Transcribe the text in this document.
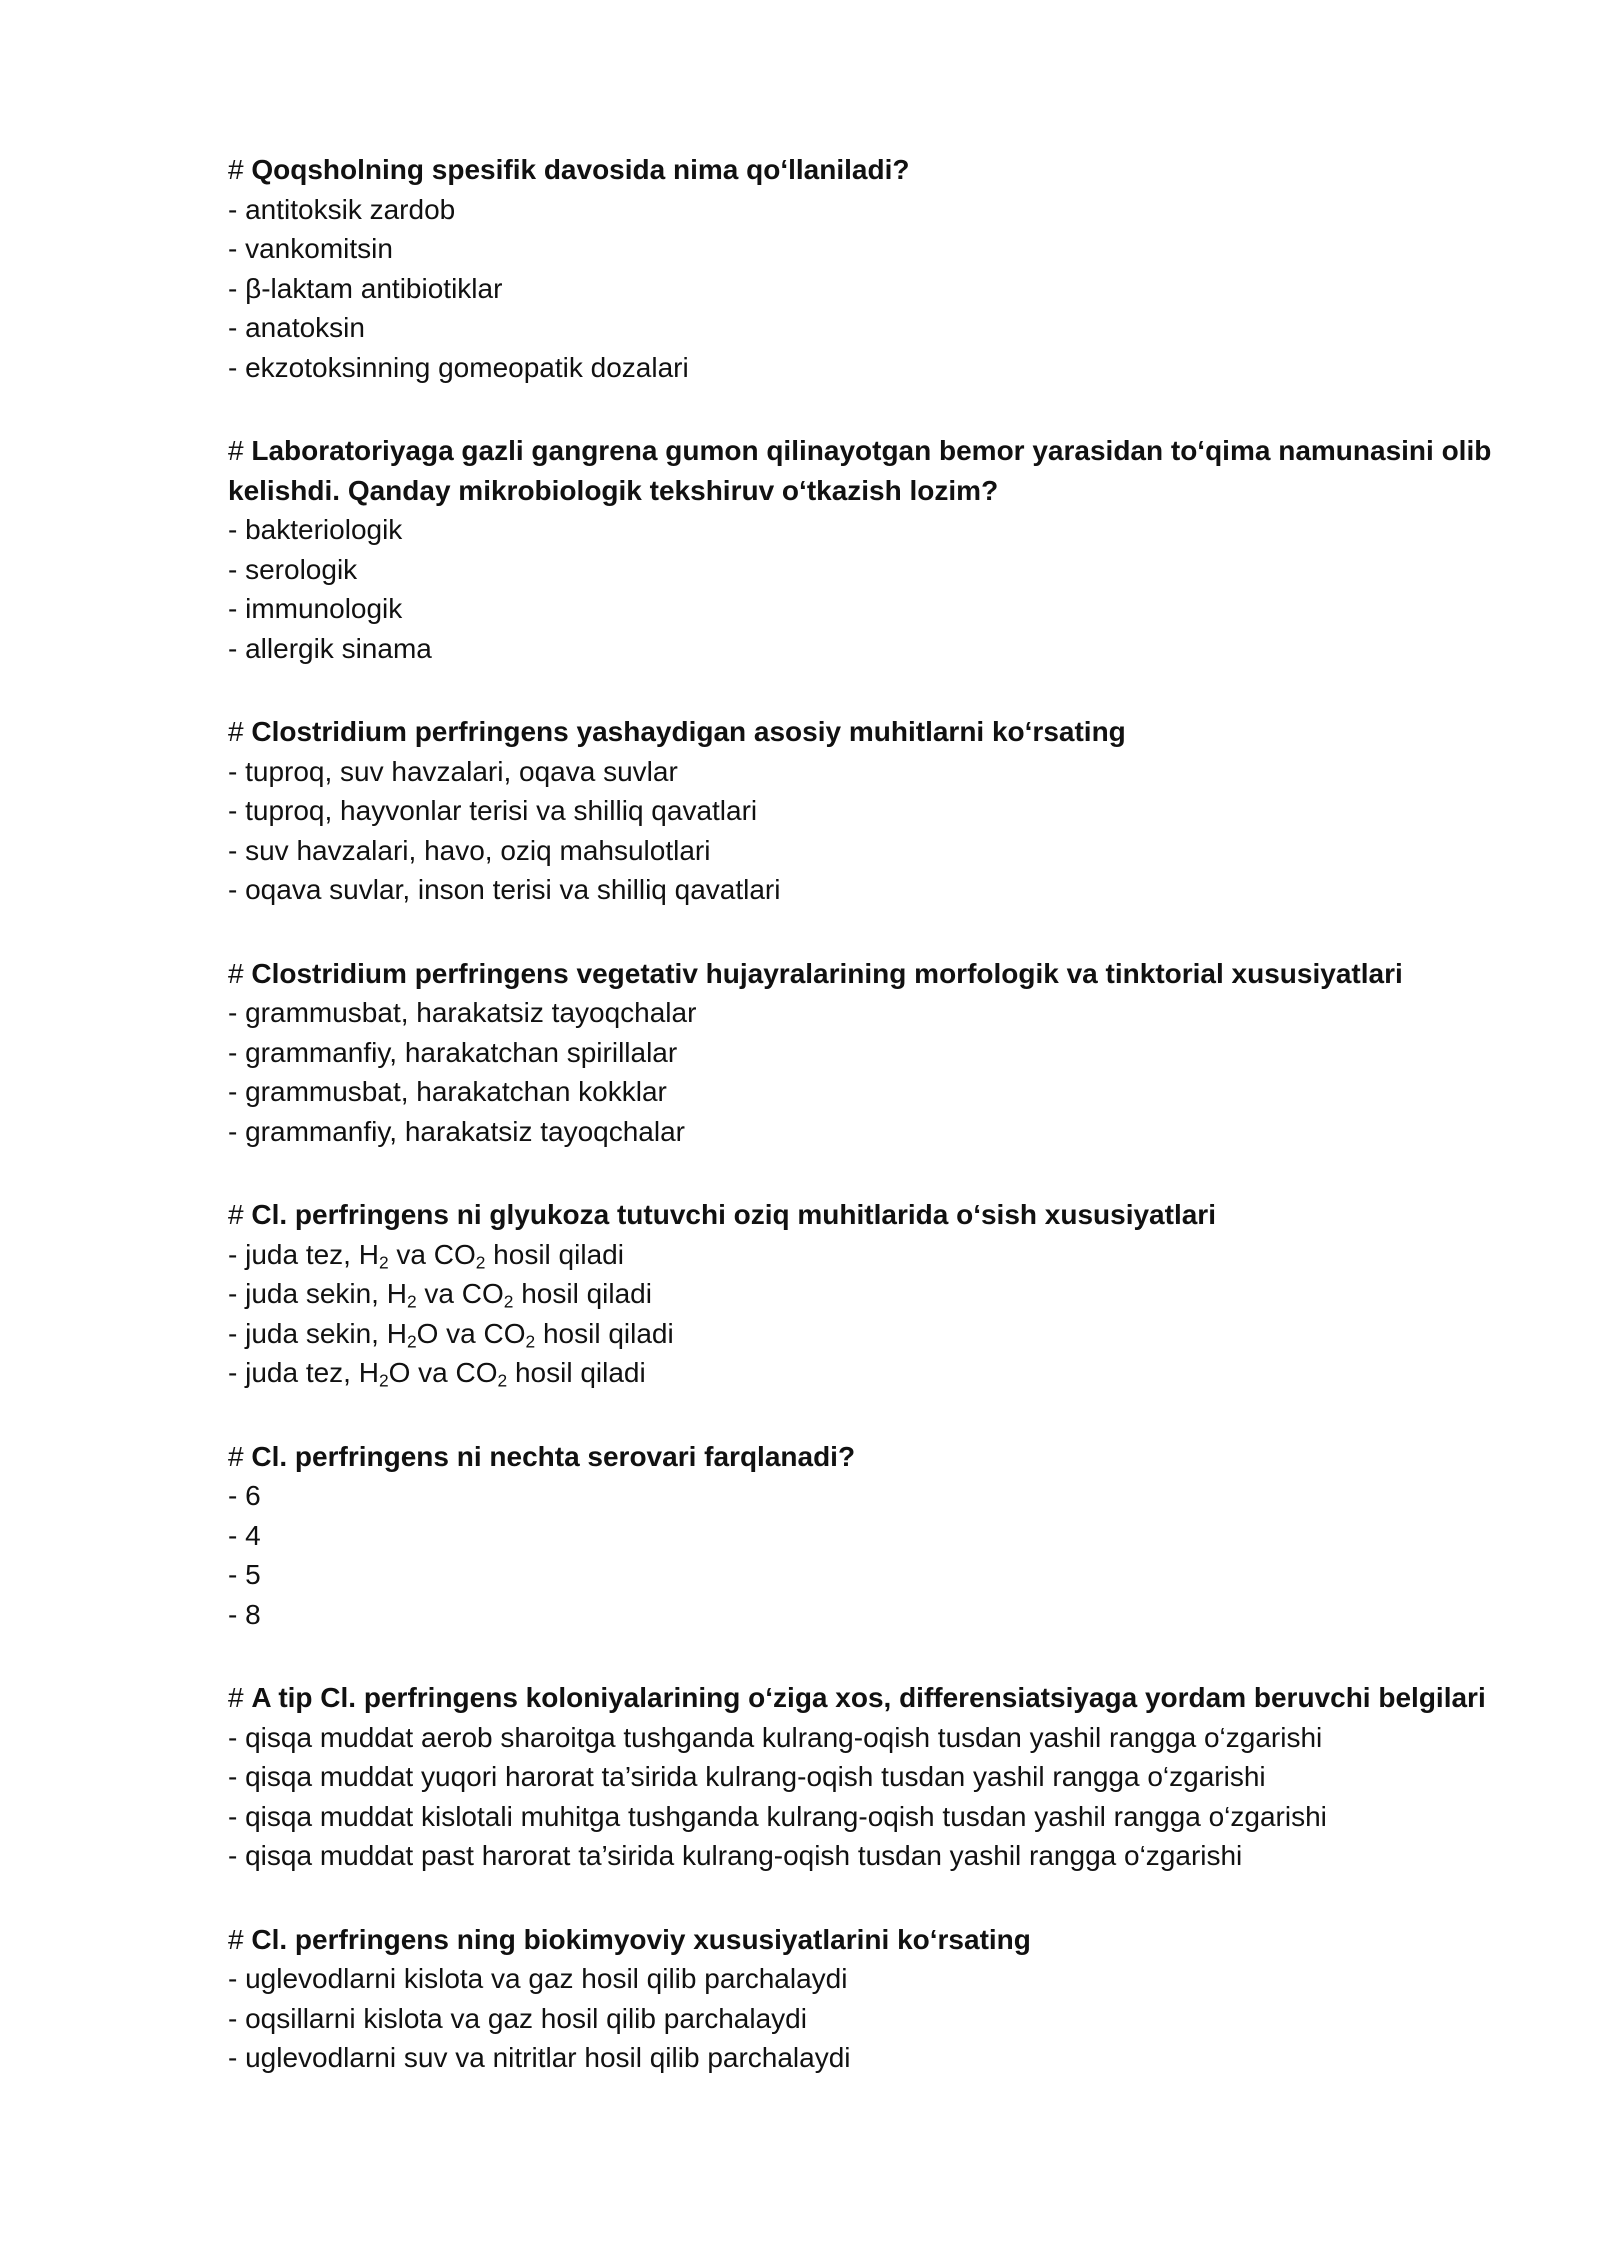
# Qoqsholning spesifik davosida nima qo‘llaniladi?

- antitoksik zardob

- vankomitsin

- β-laktam antibiotiklar

- anatoksin

- ekzotoksinning gomeopatik dozalari

# Laboratoriyaga gazli gangrena gumon qilinayotgan bemor yarasidan to‘qima namunasini olib kelishdi. Qanday mikrobiologik tekshiruv o‘tkazish lozim?

- bakteriologik

- serologik

- immunologik

- allergik sinama

# Clostridium perfringens yashaydigan asosiy muhitlarni ko‘rsating

- tuproq, suv havzalari, oqava suvlar

- tuproq, hayvonlar terisi va shilliq qavatlari

- suv havzalari, havo, oziq mahsulotlari

- oqava suvlar, inson terisi va shilliq qavatlari

# Clostridium perfringens vegetativ hujayralarining morfologik va tinktorial xususiyatlari

- grammusbat, harakatsiz tayoqchalar

- grammanfiy, harakatchan spirillalar

- grammusbat, harakatchan kokklar

- grammanfiy, harakatsiz tayoqchalar

# Cl. perfringens ni glyukoza tutuvchi oziq muhitlarida o‘sish xususiyatlari

- juda tez, $H_2$ va $CO_2$ hosil qiladi

- juda sekin, $H_2$ va $CO_2$ hosil qiladi

- juda sekin, $H_2O$ va $CO_2$ hosil qiladi

- juda tez, $H_2O$ va $CO_2$ hosil qiladi

# Cl. perfringens ni nechta serovari farqlanadi?

- 6

- 4

- 5

- 8

# A tip Cl. perfringens koloniyalarining o‘ziga xos, differensiatsiyaga yordam beruvchi belgilari

- qisqa muddat aerob sharoitga tushganda kulrang-oqish tusdan yashil rangga o‘zgarishi

- qisqa muddat yuqori harorat ta’sirida kulrang-oqish tusdan yashil rangga o‘zgarishi

- qisqa muddat kislotali muhitga tushganda kulrang-oqish tusdan yashil rangga o‘zgarishi

- qisqa muddat past harorat ta’sirida kulrang-oqish tusdan yashil rangga o‘zgarishi

# Cl. perfringens ning biokimyoviy xususiyatlarini ko‘rsating

- uglevodlarni kislota va gaz hosil qilib parchalaydi

- oqsillarni kislota va gaz hosil qilib parchalaydi

- uglevodlarni suv va nitritlar hosil qilib parchalaydi
